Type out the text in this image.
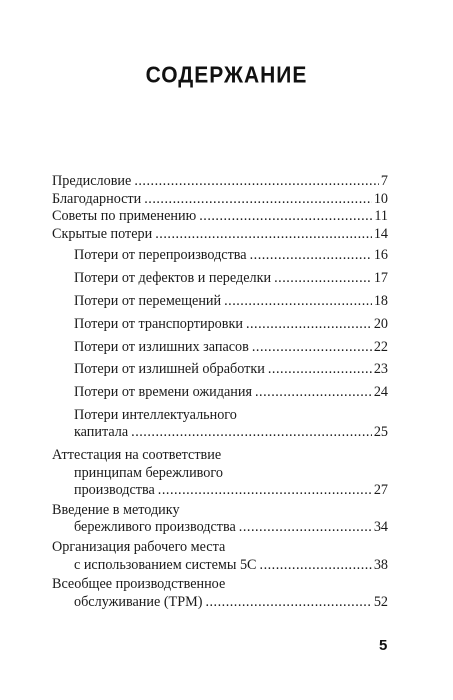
СОДЕРЖАНИЕ
Предисловие .....	7
Благодарности .....	10
Советы по применению .....	11
Скрытые потери .....	14
Потери от перепроизводства .....	16
Потери от дефектов и переделки .....	17
Потери от перемещений .....	18
Потери от транспортировки .....	20
Потери от излишних запасов .....	22
Потери от излишней обработки .....	23
Потери от времени ожидания .....	24
Потери интеллектуального
капитала .....	25
Аттестация на соответствие
принципам бережливого
производства .....	27
Введение в методику
бережливого производства .....	34
Организация рабочего места
с использованием системы 5С .....	38
Всеобщее производственное
обслуживание (TPM) .....	52
5
